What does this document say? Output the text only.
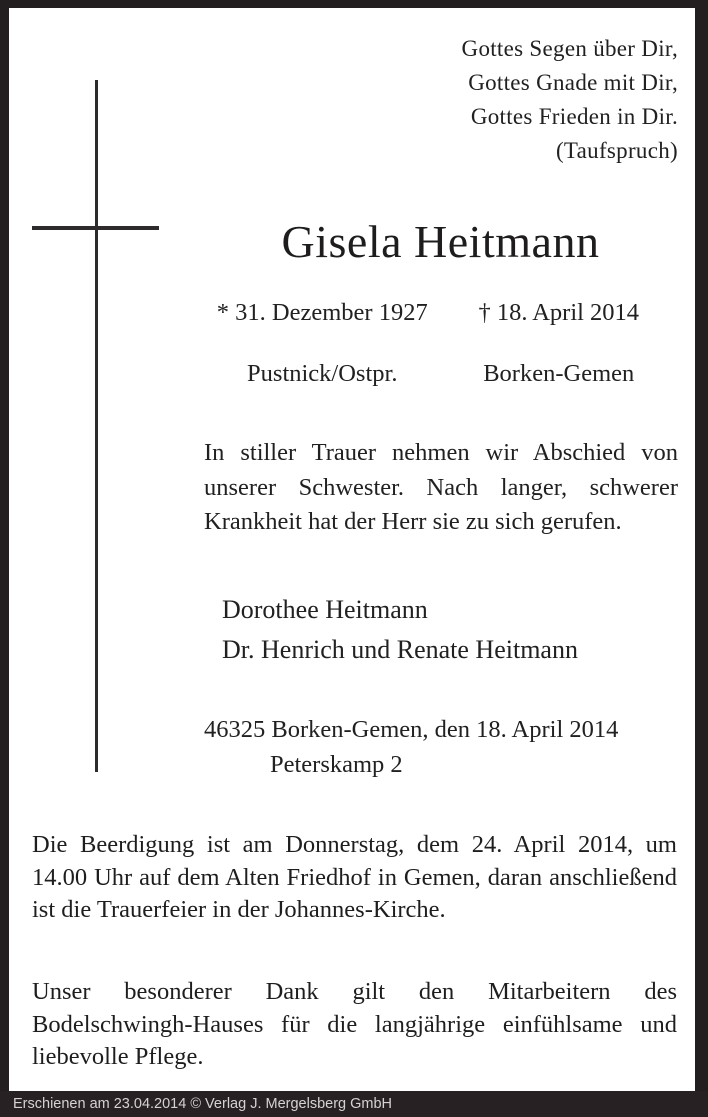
Gottes Segen über Dir,
Gottes Gnade mit Dir,
Gottes Frieden in Dir.
(Taufspruch)
Gisela Heitmann
* 31. Dezember 1927	† 18. April 2014
Pustnick/Ostpr.	Borken-Gemen

In stiller Trauer nehmen wir Abschied von unserer Schwester. Nach langer, schwerer Krankheit hat der Herr sie zu sich gerufen.

Dorothee Heitmann
Dr. Henrich und Renate Heitmann
46325 Borken-Gemen, den 18. April 2014
Peterskamp 2

Die Beerdigung ist am Donnerstag, dem 24. April 2014, um 14.00 Uhr auf dem Alten Friedhof in Gemen, daran anschließend ist die Trauerfeier in der Johannes-Kirche.

Unser besonderer Dank gilt den Mitarbeitern des Bodelschwingh-Hauses für die langjährige einfühlsame und liebevolle Pflege.

Erschienen am 23.04.2014 © Verlag J. Mergelsberg GmbH
